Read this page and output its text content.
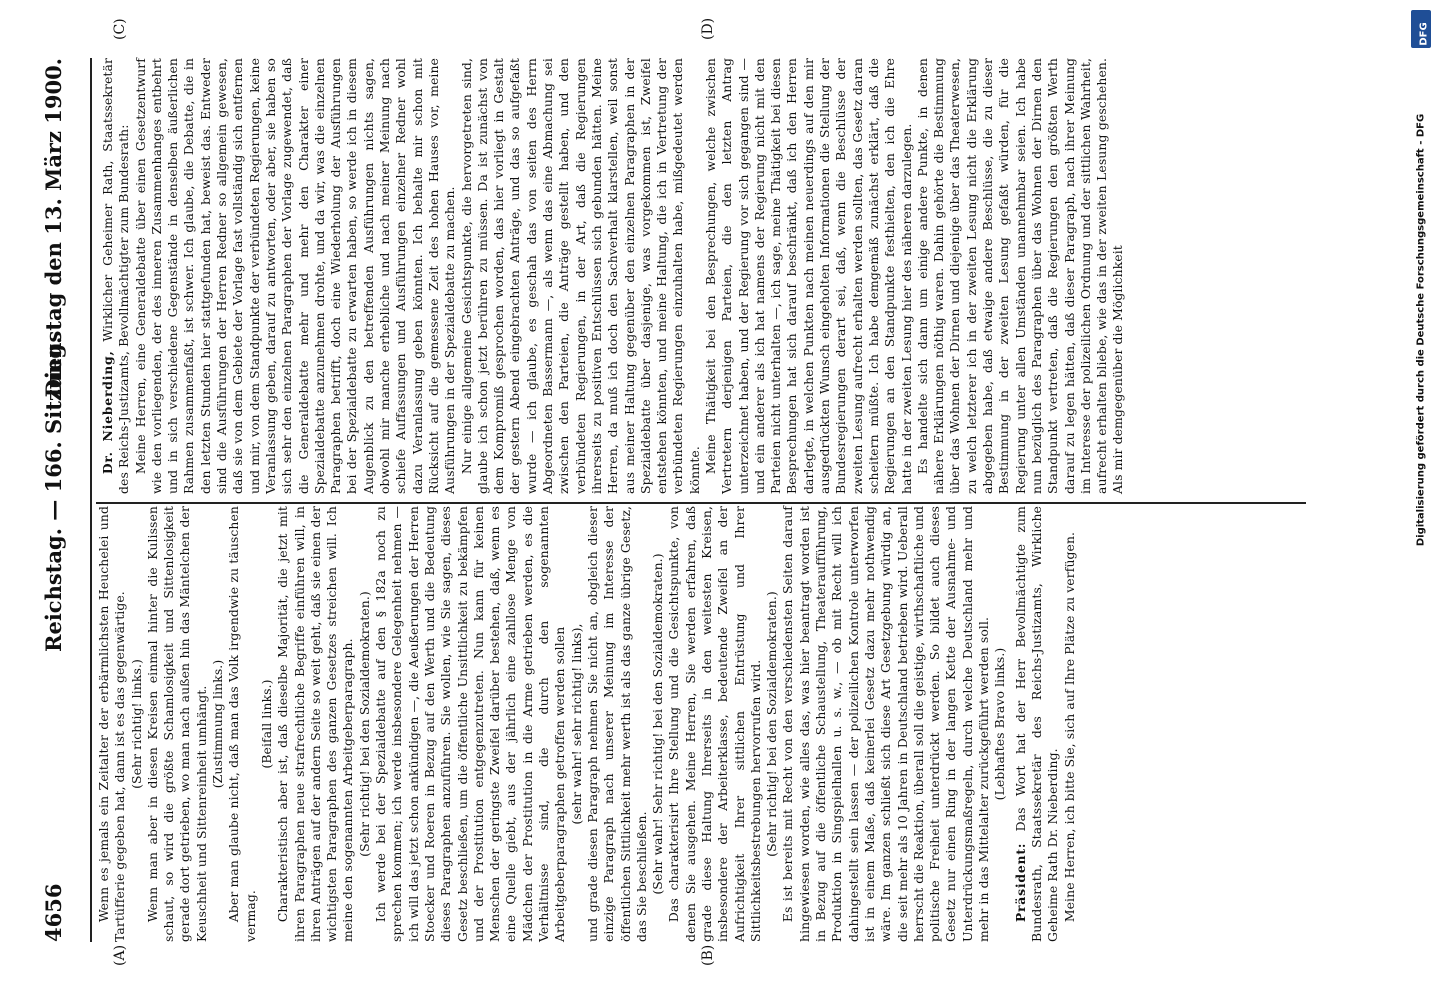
4656
Reichstag. — 166. Sitzung.
Dienstag den 13. März 1900.
(A)	(B)
(C)	(D)

Wenn es jemals ein Zeitalter der erbärmlichsten Heuchelei und Tartüfferie gegeben hat, dann ist es das gegenwärtige. (Sehr richtig! links.) Wenn man aber in diesen Kreisen einmal hinter die Kulissen schaut, so wird die größte Schamlosigkeit und Sittenlosigkeit gerade dort getrieben, wo man nach außen hin das Mäntelchen der Keuschheit und Sittenreinheit umhängt. (Zustimmung links.) Aber man glaube nicht, daß man das Volk irgendwie zu täuschen vermag.

(Beifall links.) Charakteristisch aber ist, daß dieselbe Majorität, die jetzt mit ihren Paragraphen neue strafrechtliche Begriffe einführen will, in ihren Anträgen auf der andern Seite so weit geht, daß sie einen der wichtigsten Paragraphen des ganzen Gesetzes streichen will. Ich meine den sogenannten Arbeitgeberparagraph. (Sehr richtig! bei den Sozialdemokraten.) Ich werde bei der Spezialdebatte auf den § 182a noch zu sprechen kommen; ich werde insbesondere Gelegenheit nehmen — ich will das jetzt schon ankündigen —, die Aeußerungen der Herren Stoecker und Roeren in Bezug auf den Werth und die Bedeutung dieses Paragraphen anzuführen. Sie wollen, wie Sie sagen, dieses Gesetz beschließen, um die öffentliche Unsittlichkeit zu bekämpfen und der Prostitution entgegenzutreten. Nun kann für keinen Menschen der geringste Zweifel darüber bestehen, daß, wenn es eine Quelle giebt, aus der jährlich eine zahllose Menge von Mädchen der Prostitution in die Arme getrieben werden, es die Verhältnisse sind, die durch den sogenannten Arbeitgeberparagraphen getroffen werden sollen (sehr wahr! sehr richtig! links), und grade diesen Paragraph nehmen Sie nicht an, obgleich dieser einzige Paragraph nach unserer Meinung im Interesse der öffentlichen Sittlichkeit mehr werth ist als das ganze übrige Gesetz, das Sie beschließen. (Sehr wahr! Sehr richtig! bei den Sozialdemokraten.) Das charakterisirt Ihre Stellung und die Gesichtspunkte, von denen Sie ausgehen. Meine Herren, Sie werden erfahren, daß grade diese Haltung Ihrerseits in den weitesten Kreisen, insbesondere der Arbeiterklasse, bedeutende Zweifel an der Aufrichtigkeit Ihrer sittlichen Entrüstung und Ihrer Sittlichkeitsbestrebungen hervorrufen wird. (Sehr richtig! bei den Sozialdemokraten.) Es ist bereits mit Recht von den verschiedensten Seiten darauf hingewiesen worden, wie alles das, was hier beantragt worden ist in Bezug auf die öffentliche Schaustellung, Theateraufführung, Produktion in Singspielhallen u. s. w., — ob mit Recht will ich dahingestellt sein lassen — der polizeilichen Kontrole unterworfen ist in einem Maße, daß keinerlei Gesetz dazu mehr nothwendig wäre. Im ganzen schließt sich diese Art Gesetzgebung würdig an, die seit mehr als 10 Jahren in Deutschland betrieben wird. Ueberall herrscht die Reaktion, überall soll die geistige, wirthschaftliche und politische Freiheit unterdrückt werden. So bildet auch dieses Gesetz nur einen Ring in der langen Kette der Ausnahme- und Unterdrückungsmaßregeln, durch welche Deutschland mehr und mehr in das Mittelalter zurückgeführt werden soll. (Lebhaftes Bravo links.)

Präsident: Das Wort hat der Herr Bevollmächtigte zum Bundesrath, Staatssekretär des Reichs-Justizamts, Wirkliche Geheime Rath Dr. Nieberding. Meine Herren, ich bitte Sie, sich auf Ihre Plätze zu verfügen.

Dr. Nieberding, Wirklicher Geheimer Rath, Staatssekretär des Reichs-Justizamts, Bevollmächtigter zum Bundesrath: Meine Herren, eine Generaldebatte über einen Gesetzentwurf wie den vorliegenden, der des inneren Zusammenhanges entbehrt und in sich verschiedene Gegenstände in denselben äußerlichen Rahmen zusammenfaßt, ist schwer. Ich glaube, die Debatte, die in den letzten Stunden hier stattgefunden hat, beweist das. Entweder sind die Ausführungen der Herren Redner so allgemein gewesen, daß sie von dem Gebiete der Vorlage fast vollständig sich entfernen und mir, von dem Standpunkte der verbündeten Regierungen, keine Veranlassung geben, darauf zu antworten, oder aber, sie haben so sich sehr den einzelnen Paragraphen der Vorlage zugewendet, daß die Generaldebatte mehr und mehr den Charakter einer Spezialdebatte anzunehmen drohte, und da wir, was die einzelnen Paragraphen betrifft, doch eine Wiederholung der Ausführungen bei der Spezialdebatte zu erwarten haben, so werde ich in diesem Augenblick zu den betreffenden Ausführungen nichts sagen, obwohl mir manche erhebliche und nach meiner Meinung nach schiefe Auffassungen und Ausführungen einzelner Redner wohl dazu Veranlassung geben könnten. Ich behalte mir schon mit Rücksicht auf die gemessene Zeit des hohen Hauses vor, meine Ausführungen in der Spezialdebatte zu machen. Nur einige allgemeine Gesichtspunkte, die hervorgetreten sind, glaube ich schon jetzt berühren zu müssen. Da ist zunächst von dem Kompromiß gesprochen worden, das hier vorliegt in Gestalt der gestern Abend eingebrachten Anträge, und das so aufgefaßt wurde — ich glaube, es geschah das von seiten des Herrn Abgeordneten Bassermann —, als wenn das eine Abmachung sei zwischen den Parteien, die Anträge gestellt haben, und den verbündeten Regierungen, in der Art, daß die Regierungen ihrerseits zu positiven Entschlüssen sich gebunden hätten. Meine Herren, da muß ich doch den Sachverhalt klarstellen, weil sonst aus meiner Haltung gegenüber den einzelnen Paragraphen in der Spezialdebatte über dasjenige, was vorgekommen ist, Zweifel entstehen könnten, und meine Haltung, die ich in Vertretung der verbündeten Regierungen einzuhalten habe, mißgedeutet werden könnte. Meine Thätigkeit bei den Besprechungen, welche zwischen Vertretern derjenigen Parteien, die den letzten Antrag unterzeichnet haben, und der Regierung vor sich gegangen sind — und ein anderer als ich hat namens der Regierung nicht mit den Parteien nicht unterhalten —, ich sage, meine Thätigkeit bei diesen Besprechungen hat sich darauf beschränkt, daß ich den Herren darlegte, in welchen Punkten nach meinen neuerdings auf den mir ausgedrückten Wunsch eingeholten Informationen die Stellung der Bundesregierungen derart sei, daß, wenn die Beschlüsse der zweiten Lesung aufrecht erhalten werden sollten, das Gesetz daran scheitern müßte. Ich habe demgemäß zunächst erklärt, daß die Regierungen an den Standpunkte festhielten, den ich die Ehre hatte in der zweiten Lesung hier des näheren darzulegen. Es handelte sich dann um einige andere Punkte, in denen nähere Erklärungen nöthig waren. Dahin gehörte die Bestimmung über das Wohnen der Dirnen und diejenige über das Theaterwesen, zu welch letzterer ich in der zweiten Lesung nicht die Erklärung abgegeben habe, daß etwaige andere Beschlüsse, die zu dieser Bestimmung in der zweiten Lesung gefaßt würden, für die Regierung unter allen Umständen unannehmbar seien. Ich habe nun bezüglich des Paragraphen über das Wohnen der Dirnen den Standpunkt vertreten, daß die Regierungen den größten Werth darauf zu legen hätten, daß dieser Paragraph, nach ihrer Meinung im Interesse der polizeilichen Ordnung und der sittlichen Wahrheit, aufrecht erhalten bliebe, wie das in der zweiten Lesung geschehen. Als mir demgegenüber die Möglichkeit

DFG
Digitalisierung gefördert durch die Deutsche Forschungsgemeinschaft - DFG
